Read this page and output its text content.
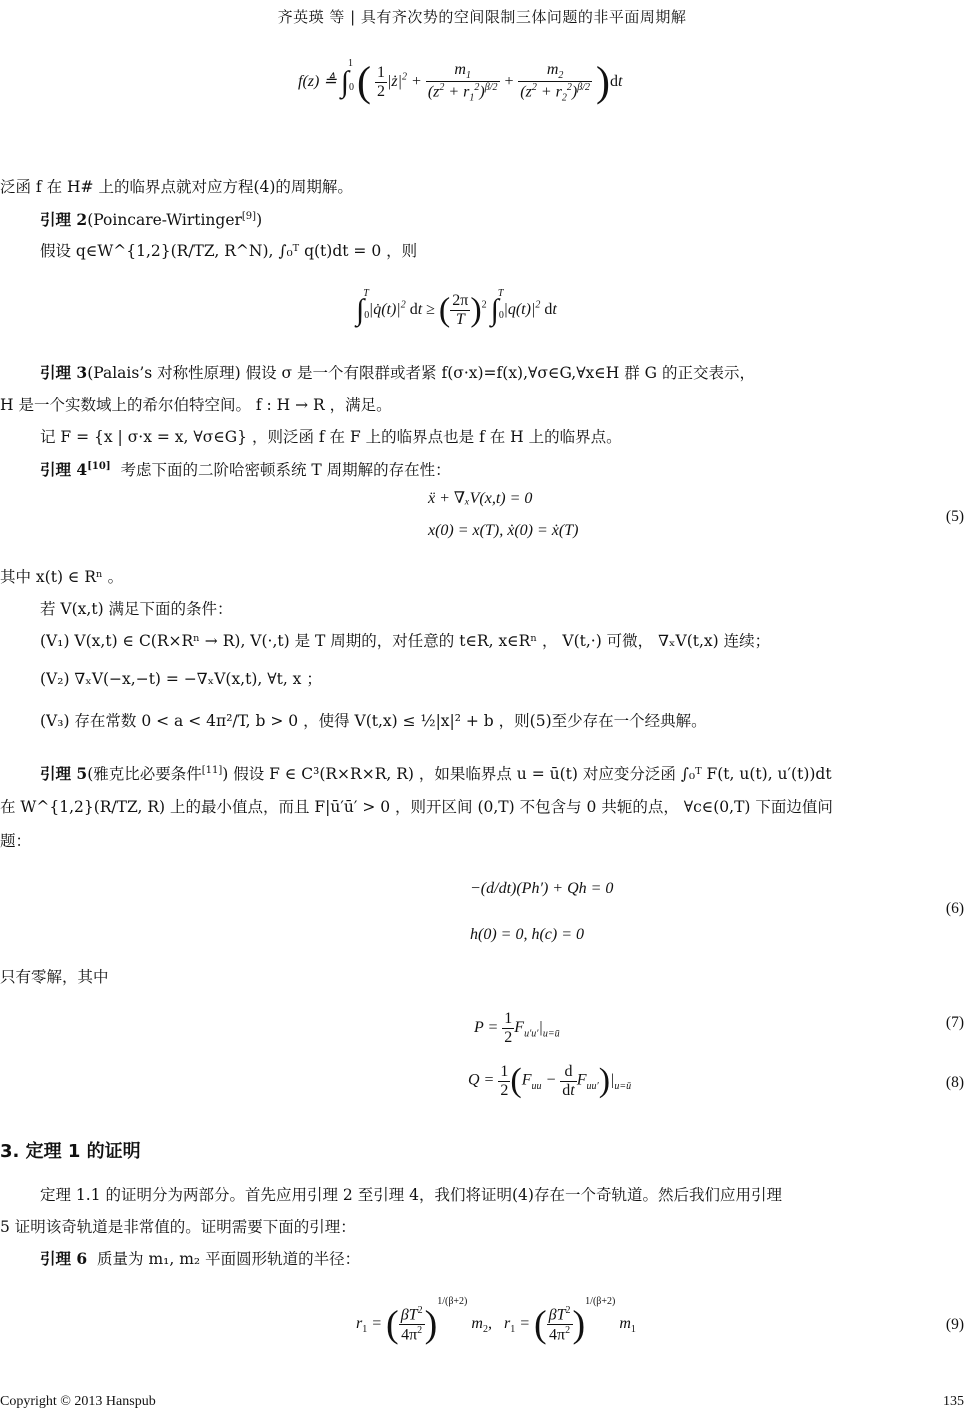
齐英瑛 等 | 具有齐次势的空间限制三体问题的非平面周期解
f(z) ≜ $\int_0^1$ ( $\frac{1}{2}$ $|ż|^2 + \frac{m_1}{(z^2 + r_1^2)^{\beta/2}} + \frac{m_2}{(z^2 + r_2^2)^{\beta/2}} )dt$
泛函 f 在 H# 上的临界点就对应方程(4)的周期解。
引理 2(Poincare-Wirtinger[9])
假设 q∈W^{1,2}(R/TZ, R^N), ∫₀ᵀ q(t)dt = 0 ，则
$\int_0^T|q̇(t)|^2$ dt ≥ ( $\frac{2\pi}{T} )^2$ $\int_0^T|q(t)|^2$ dt
引理 3(Palais’s 对称性原理) 假设 σ 是一个有限群或者紧 f(σ·x)=f(x),∀σ∈G,∀x∈H 群 G 的正交表示，
H 是一个实数域上的希尔伯特空间。 f : H → R ，满足。
记 F = {x | σ·x = x, ∀σ∈G} ，则泛函 f 在 F 上的临界点也是 f 在 H 上的临界点。
引理 4[10] 考虑下面的二阶哈密顿系统 T 周期解的存在性：
ẍ + ∇ₓV(x,t) = 0
x(0) = x(T), ẋ(0) = ẋ(T)
(5)
其中 x(t) ∈ Rⁿ 。
若 V(x,t) 满足下面的条件：
(V₁) V(x,t) ∈ C(R×Rⁿ → R), V(·,t) 是 T 周期的，对任意的 t∈R, x∈Rⁿ ， V(t,·) 可微， ∇ₓV(t,x) 连续；
(V₂) ∇ₓV(−x,−t) = −∇ₓV(x,t), ∀t, x ；
(V₃) 存在常数 0 < a < 4π²/T, b > 0 ，使得 V(t,x) ≤ ½|x|² + b ，则(5)至少存在一个经典解。
引理 5(雅克比必要条件[11]) 假设 F ∈ C³(R×R×R, R) ，如果临界点 u = ū(t) 对应变分泛函 ∫₀ᵀ F(t, u(t), u′(t))dt
在 W^{1,2}(R/TZ, R) 上的最小值点，而且 F|ū′ū′ > 0 ，则开区间 (0,T) 不包含与 0 共轭的点， ∀c∈(0,T) 下面边值问
题：
−(d/dt)(Ph′) + Qh = 0
h(0) = 0, h(c) = 0
(6)
只有零解，其中
$P = \frac{1}{2} F_{u'u'}|_{u=ū}$
(7)
$Q = \frac{1}{2} (F_{uu} - \frac{d}{dt} F_{uu'})|_{u=ū}$	(8)
3. 定理 1 的证明
定理 1.1 的证明分为两部分。首先应用引理 2 至引理 4，我们将证明(4)存在一个奇轨道。然后我们应用引理
5 证明该奇轨道是非常值的。证明需要下面的引理：
引理 6 质量为 m₁, m₂ 平面圆形轨道的半径：
$r_1$ = ( $\frac{\beta T^2}{4\pi^2} )^{1/(\beta+2)}$ $m_2$,   $r_1$ = ( $\frac{\beta T^2}{4\pi^2} )^{1/(\beta+2)}$ $m_1$	(9)
Copyright © 2013 Hanspub	135
